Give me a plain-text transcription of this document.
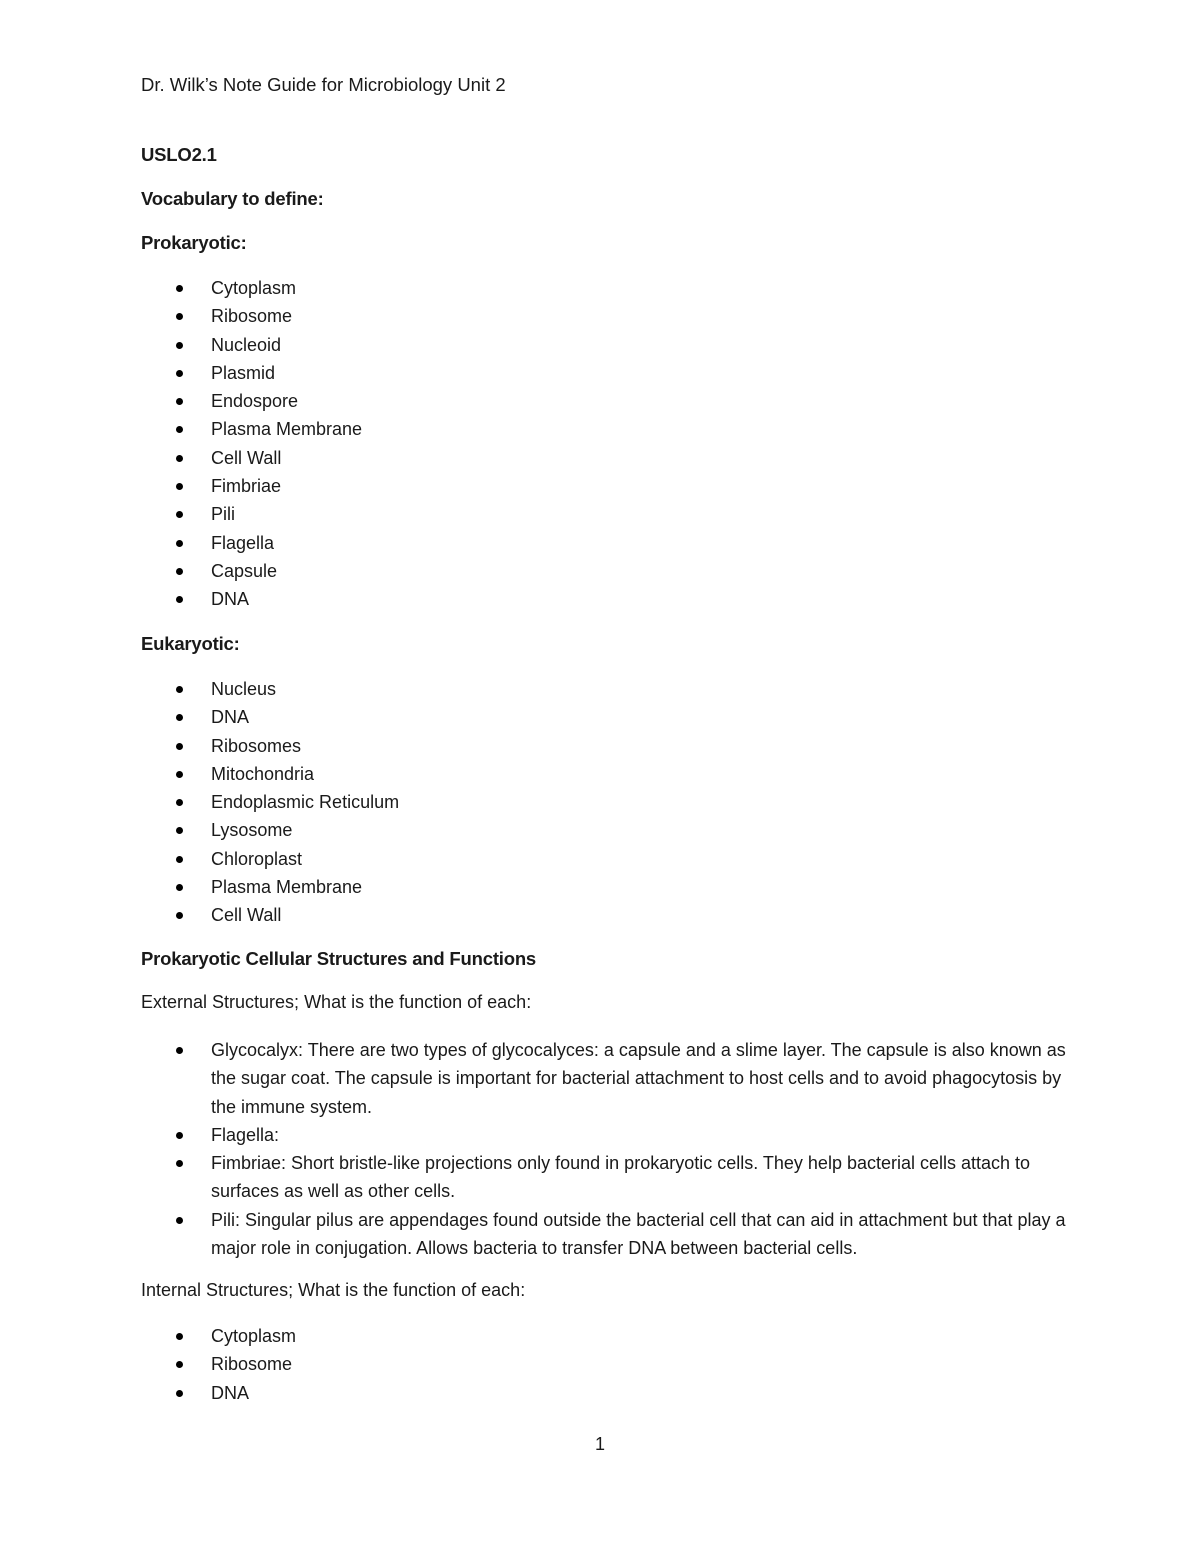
Dr. Wilk’s Note Guide for Microbiology Unit 2
USLO2.1
Vocabulary to define:
Prokaryotic:
Cytoplasm
Ribosome
Nucleoid
Plasmid
Endospore
Plasma Membrane
Cell Wall
Fimbriae
Pili
Flagella
Capsule
DNA
Eukaryotic:
Nucleus
DNA
Ribosomes
Mitochondria
Endoplasmic Reticulum
Lysosome
Chloroplast
Plasma Membrane
Cell Wall
Prokaryotic Cellular Structures and Functions
External Structures; What is the function of each:
Glycocalyx: There are two types of glycocalyces: a capsule and a slime layer. The capsule is also known as the sugar coat. The capsule is important for bacterial attachment to host cells and to avoid phagocytosis by the immune system.
Flagella:
Fimbriae: Short bristle-like projections only found in prokaryotic cells. They help bacterial cells attach to surfaces as well as other cells.
Pili: Singular pilus are appendages found outside the bacterial cell that can aid in attachment but that play a major role in conjugation. Allows bacteria to transfer DNA between bacterial cells.
Internal Structures; What is the function of each:
Cytoplasm
Ribosome
DNA
1
